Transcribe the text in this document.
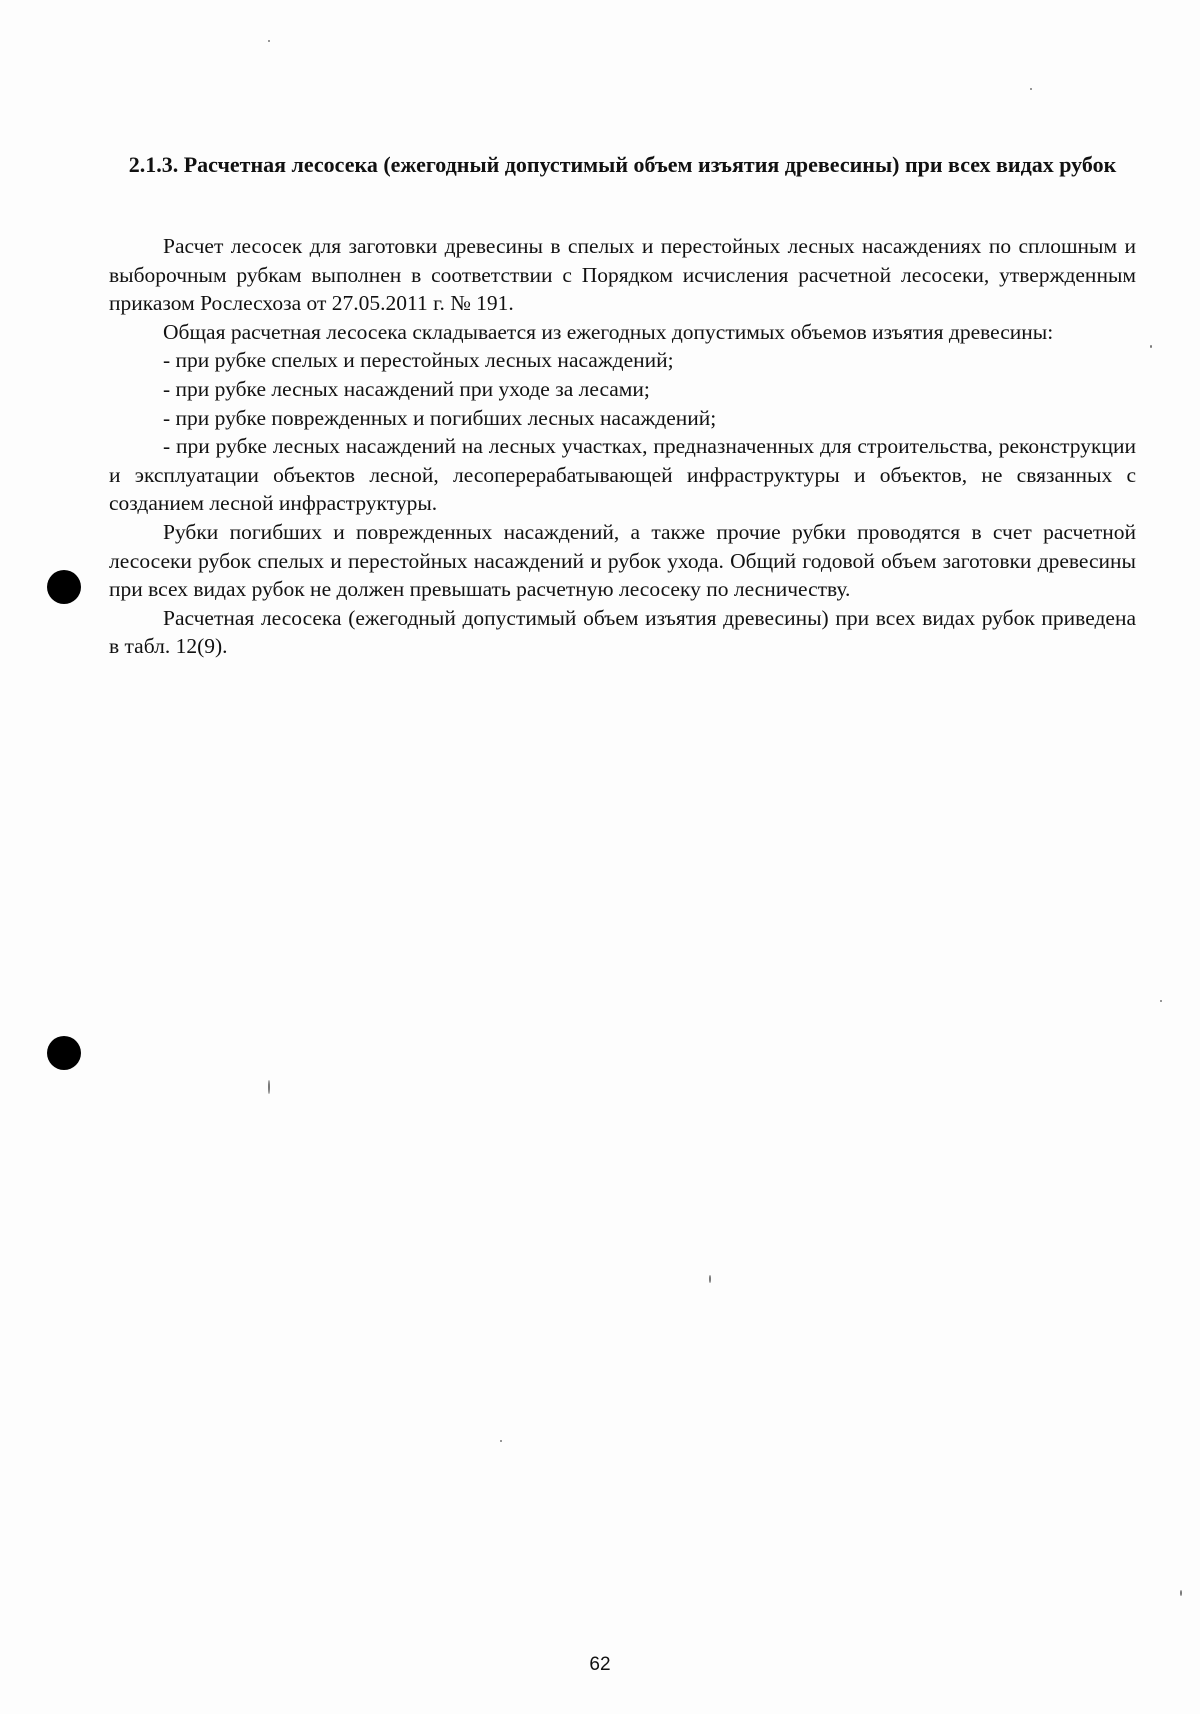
2.1.3. Расчетная лесосека (ежегодный допустимый объем изъятия древесины) при всех видах рубок

Расчет лесосек для заготовки древесины в спелых и перестойных лесных насаждениях по сплошным и выборочным рубкам выполнен в соответствии с Порядком исчисления расчетной лесосеки, утвержденным приказом Рослесхоза от 27.05.2011 г. № 191.

Общая расчетная лесосека складывается из ежегодных допустимых объемов изъятия древесины:

- при рубке спелых и перестойных лесных насаждений;

- при рубке лесных насаждений при уходе за лесами;

- при рубке поврежденных и погибших лесных насаждений;

- при рубке лесных насаждений на лесных участках, предназначенных для строительства, реконструкции и эксплуатации объектов лесной, лесоперерабатывающей инфраструктуры и объектов, не связанных с созданием лесной инфраструктуры.

Рубки погибших и поврежденных насаждений, а также прочие рубки проводятся в счет расчетной лесосеки рубок спелых и перестойных насаждений и рубок ухода. Общий годовой объем заготовки древесины при всех видах рубок не должен превышать расчетную лесосеку по лесничеству.

Расчетная лесосека (ежегодный допустимый объем изъятия древесины) при всех видах рубок приведена в табл. 12(9).

62
